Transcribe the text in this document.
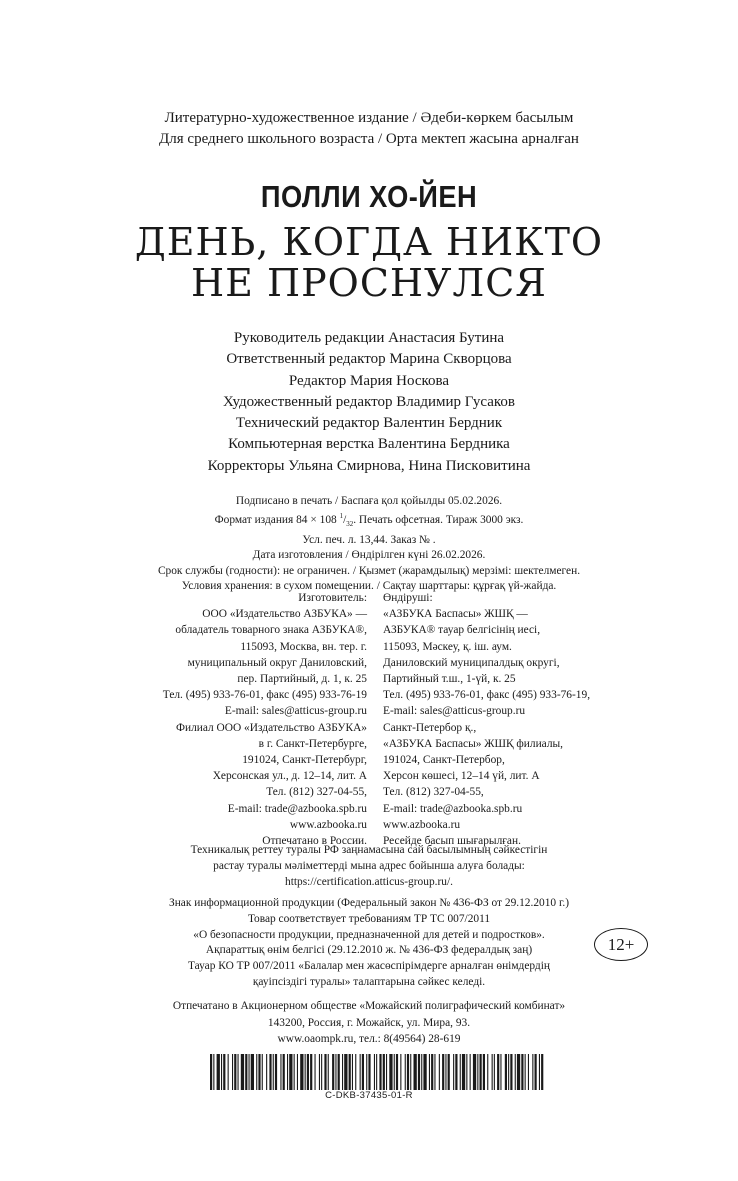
Литературно-художественное издание / Әдеби-көркем басылым
Для среднего школьного возраста / Орта мектеп жасына арналған
ПОЛЛИ ХО-ЙЕН
ДЕНЬ, КОГДА НИКТО
НЕ ПРОСНУЛСЯ
Руководитель редакции Анастасия Бутина
Ответственный редактор Марина Скворцова
Редактор Мария Носкова
Художественный редактор Владимир Гусаков
Технический редактор Валентин Бердник
Компьютерная верстка Валентина Бердника
Корректоры Ульяна Смирнова, Нина Пискoвитина
Подписано в печать / Баспаға қол қойылды 05.02.2026.
Формат издания 84 × 108 $^1/_{32}$. Печать офсетная. Тираж 3000 экз.
Усл. печ. л. 13,44. Заказ № .
Дата изготовления / Өндірілген күні 26.02.2026.
Срок службы (годности): не ограничен. / Қызмет (жарамдылық) мерзімі: шектелмеген.
Условия хранения: в сухом помещении. / Сақтау шарттары: құрғақ үй-жайда.
Изготовитель:
ООО «Издательство АЗБУКА» —
обладатель товарного знака АЗБУКА®,
115093, Москва, вн. тер. г.
муниципальный округ Даниловский,
пер. Партийный, д. 1, к. 25
Тел. (495) 933-76-01, факс (495) 933-76-19
E-mail: sales@atticus-group.ru
Филиал ООО «Издательство АЗБУКА»
в г. Санкт-Петербурге,
191024, Санкт-Петербург,
Херсонская ул., д. 12–14, лит. А
Тел. (812) 327-04-55,
E-mail: trade@azbooka.spb.ru
www.azbooka.ru
Отпечатано в России.
Өндіруші:
«АЗБУКА Баспасы» ЖШҚ —
АЗБУКА® тауар белгісінің иесі,
115093, Мәскеу, қ. іш. аум.
Даниловский муниципалдық округі,
Партийный т.ш., 1-үй, к. 25
Тел. (495) 933-76-01, факс (495) 933-76-19,
E-mail: sales@atticus-group.ru
Санкт-Петербор қ.,
«АЗБУКА Баспасы» ЖШҚ филиалы,
191024, Санкт-Петербор,
Херсон көшесі, 12–14 үй, лит. А
Тел. (812) 327-04-55,
E-mail: trade@azbooka.spb.ru
www.azbooka.ru
Ресейде басып шығарылған.
Техникалық реттеу туралы РФ заңнамасына сай басылымның сәйкестігін
растау туралы мәліметтерді мына адрес бойынша алуға болады:
https://certification.atticus-group.ru/.
Знак информационной продукции (Федеральный закон № 436-ФЗ от 29.12.2010 г.)
Товар соответствует требованиям ТР ТС 007/2011
«О безопасности продукции, предназначенной для детей и подростков».
Ақпараттық өнім белгісі (29.12.2010 ж. № 436-ФЗ федералдық заң)
Тауар КО ТР 007/2011 «Балалар мен жасөспірімдерге арналған өнімдердің
қауіпсіздігі туралы» талаптарына сәйкес келеді.
12+
Отпечатано в Акционерном обществе «Можайский полиграфический комбинат»
143200, Россия, г. Можайск, ул. Мира, 93.
www.oaompk.ru, тел.: 8(49564) 28-619
C-DKB-37435-01-R
